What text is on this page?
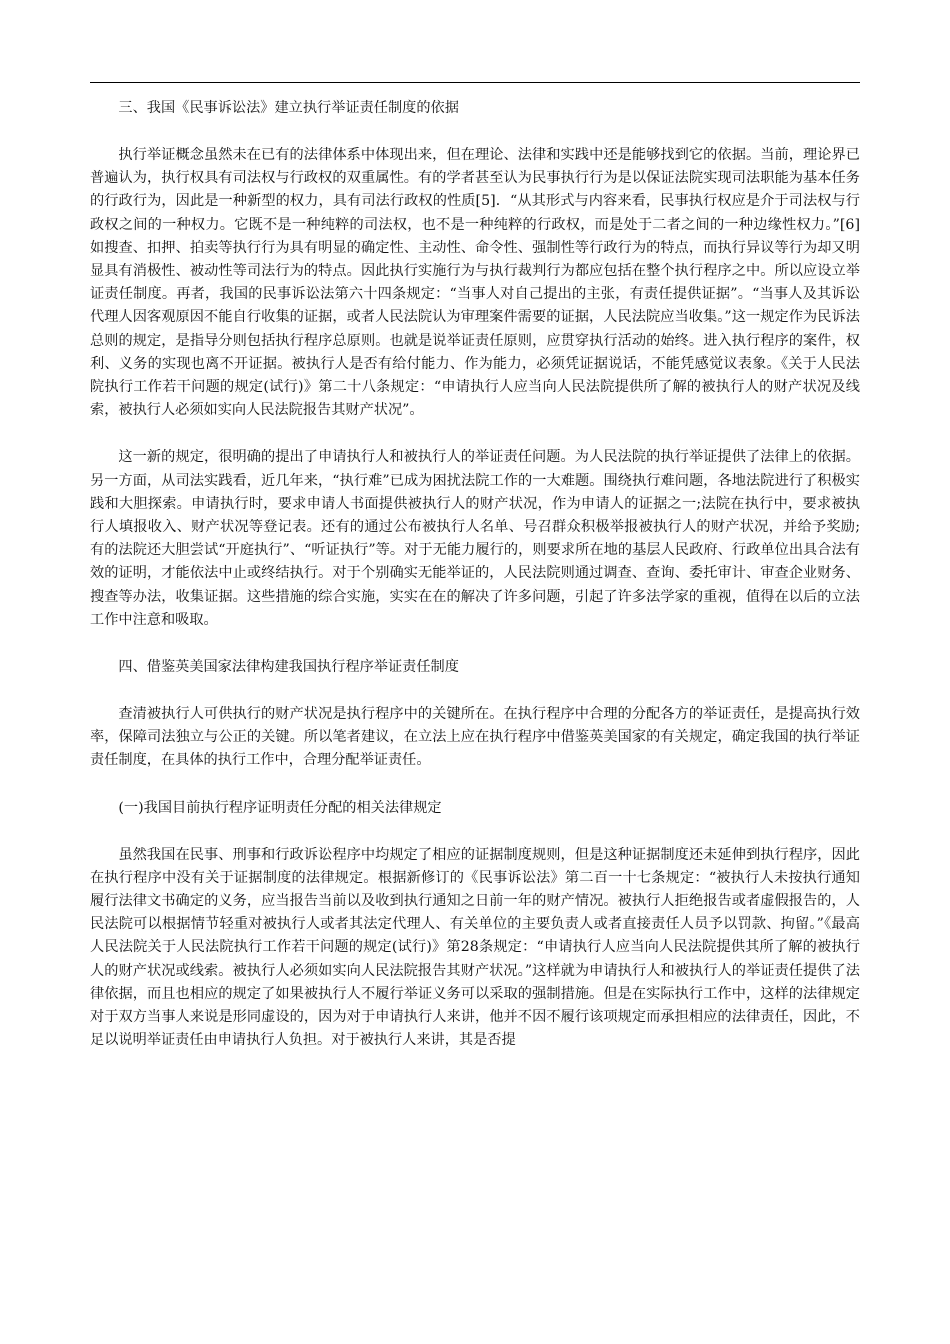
三、我国《民事诉讼法》建立执行举证责任制度的依据

执行举证概念虽然未在已有的法律体系中体现出来，但在理论、法律和实践中还是能够找到它的依据。当前，理论界已普遍认为，执行权具有司法权与行政权的双重属性。有的学者甚至认为民事执行行为是以保证法院实现司法职能为基本任务的行政行为，因此是一种新型的权力，具有司法行政权的性质[5]．“从其形式与内容来看，民事执行权应是介于司法权与行政权之间的一种权力。它既不是一种纯粹的司法权，也不是一种纯粹的行政权，而是处于二者之间的一种边缘性权力。”[6] 如搜查、扣押、拍卖等执行行为具有明显的确定性、主动性、命令性、强制性等行政行为的特点，而执行异议等行为却又明显具有消极性、被动性等司法行为的特点。因此执行实施行为与执行裁判行为都应包括在整个执行程序之中。所以应设立举证责任制度。再者，我国的民事诉讼法第六十四条规定：“当事人对自己提出的主张，有责任提供证据”。“当事人及其诉讼代理人因客观原因不能自行收集的证据，或者人民法院认为审理案件需要的证据，人民法院应当收集。”这一规定作为民诉法总则的规定，是指导分则包括执行程序总原则。也就是说举证责任原则，应贯穿执行活动的始终。进入执行程序的案件，权利、义务的实现也离不开证据。被执行人是否有给付能力、作为能力，必须凭证据说话，不能凭感觉议表象。《关于人民法院执行工作若干问题的规定(试行)》第二十八条规定：“申请执行人应当向人民法院提供所了解的被执行人的财产状况及线索，被执行人必须如实向人民法院报告其财产状况”。

这一新的规定，很明确的提出了申请执行人和被执行人的举证责任问题。为人民法院的执行举证提供了法律上的依据。另一方面，从司法实践看，近几年来，“执行难”已成为困扰法院工作的一大难题。围绕执行难问题，各地法院进行了积极实践和大胆探索。申请执行时，要求申请人书面提供被执行人的财产状况，作为申请人的证据之一;法院在执行中，要求被执行人填报收入、财产状况等登记表。还有的通过公布被执行人名单、号召群众积极举报被执行人的财产状况，并给予奖励;有的法院还大胆尝试“开庭执行”、“听证执行”等。对于无能力履行的，则要求所在地的基层人民政府、行政单位出具合法有效的证明，才能依法中止或终结执行。对于个别确实无能举证的，人民法院则通过调查、查询、委托审计、审查企业财务、搜查等办法，收集证据。这些措施的综合实施，实实在在的解决了许多问题，引起了许多法学家的重视，值得在以后的立法工作中注意和吸取。

四、借鉴英美国家法律构建我国执行程序举证责任制度

查清被执行人可供执行的财产状况是执行程序中的关键所在。在执行程序中合理的分配各方的举证责任，是提高执行效率，保障司法独立与公正的关键。所以笔者建议，在立法上应在执行程序中借鉴英美国家的有关规定，确定我国的执行举证责任制度，在具体的执行工作中，合理分配举证责任。

(一)我国目前执行程序证明责任分配的相关法律规定

虽然我国在民事、刑事和行政诉讼程序中均规定了相应的证据制度规则，但是这种证据制度还未延伸到执行程序，因此在执行程序中没有关于证据制度的法律规定。根据新修订的《民事诉讼法》第二百一十七条规定：“被执行人未按执行通知履行法律文书确定的义务，应当报告当前以及收到执行通知之日前一年的财产情况。被执行人拒绝报告或者虚假报告的，人民法院可以根据情节轻重对被执行人或者其法定代理人、有关单位的主要负责人或者直接责任人员予以罚款、拘留。”《最高人民法院关于人民法院执行工作若干问题的规定(试行)》第28条规定：“申请执行人应当向人民法院提供其所了解的被执行人的财产状况或线索。被执行人必须如实向人民法院报告其财产状况。”这样就为申请执行人和被执行人的举证责任提供了法律依据，而且也相应的规定了如果被执行人不履行举证义务可以采取的强制措施。但是在实际执行工作中，这样的法律规定对于双方当事人来说是形同虚设的，因为对于申请执行人来讲，他并不因不履行该项规定而承担相应的法律责任，因此，不足以说明举证责任由申请执行人负担。对于被执行人来讲，其是否提
